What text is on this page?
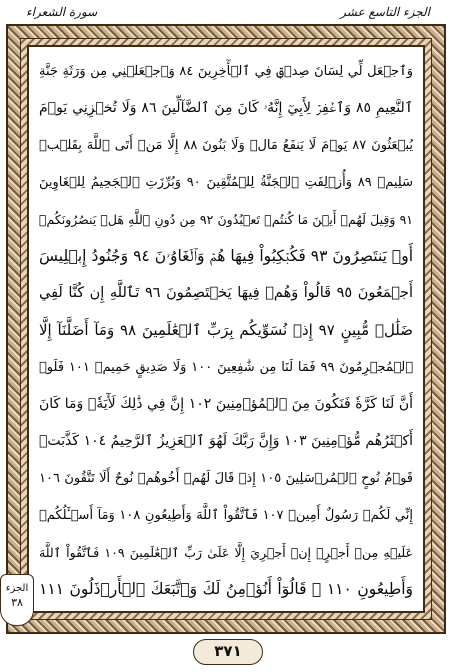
الجزء التاسع عشر
سورة الشعراء
وَٱجۡعَل لِّي لِسَانَ صِدۡقٖ فِي ٱلۡأٓخِرِينَ ٨٤ وَٱجۡعَلۡنِي مِن وَرَثَةِ جَنَّةِ
ٱلنَّعِيمِ ٨٥ وَٱغۡفِرۡ لِأَبِيٓ إِنَّهُۥ كَانَ مِنَ ٱلضَّآلِّينَ ٨٦ وَلَا تُخۡزِنِي يَوۡمَ
يُبۡعَثُونَ ٨٧ يَوۡمَ لَا يَنفَعُ مَالٞ وَلَا بَنُونَ ٨٨ إِلَّا مَنۡ أَتَى ٱللَّهَ بِقَلۡبٖ
سَلِيمٖ ٨٩ وَأُزۡلِفَتِ ٱلۡجَنَّةُ لِلۡمُتَّقِينَ ٩٠ وَبُرِّزَتِ ٱلۡجَحِيمُ لِلۡغَاوِينَ
٩١ وَقِيلَ لَهُمۡ أَيۡنَ مَا كُنتُمۡ تَعۡبُدُونَ ٩٢ مِن دُونِ ٱللَّهِ هَلۡ يَنصُرُونَكُمۡ
أَوۡ يَنتَصِرُونَ ٩٣ فَكُبۡكِبُواْ فِيهَا هُمۡ وَٱلۡغَاوُۥنَ ٩٤ وَجُنُودُ إِبۡلِيسَ
أَجۡمَعُونَ ٩٥ قَالُواْ وَهُمۡ فِيهَا يَخۡتَصِمُونَ ٩٦ تَٱللَّهِ إِن كُنَّا لَفِي
ضَلَٰلٖ مُّبِينٍ ٩٧ إِذۡ نُسَوِّيكُم بِرَبِّ ٱلۡعَٰلَمِينَ ٩٨ وَمَآ أَضَلَّنَآ إِلَّا
ٱلۡمُجۡرِمُونَ ٩٩ فَمَا لَنَا مِن شَٰفِعِينَ ١٠٠ وَلَا صَدِيقٍ حَمِيمٖ ١٠١ فَلَوۡ
أَنَّ لَنَا كَرَّةٗ فَنَكُونَ مِنَ ٱلۡمُؤۡمِنِينَ ١٠٢ إِنَّ فِي ذَٰلِكَ لَأٓيَةٗۖ وَمَا كَانَ
أَكۡثَرُهُم مُّؤۡمِنِينَ ١٠٣ وَإِنَّ رَبَّكَ لَهُوَ ٱلۡعَزِيزُ ٱلرَّحِيمُ ١٠٤ كَذَّبَتۡ
قَوۡمُ نُوحٍ ٱلۡمُرۡسَلِينَ ١٠٥ إِذۡ قَالَ لَهُمۡ أَخُوهُمۡ نُوحٌ أَلَا تَتَّقُونَ ١٠٦
إِنِّي لَكُمۡ رَسُولٌ أَمِينٞ ١٠٧ فَٱتَّقُواْ ٱللَّهَ وَأَطِيعُونِ ١٠٨ وَمَآ أَسۡـَٔلُكُمۡ
عَلَيۡهِ مِنۡ أَجۡرٍۖ إِنۡ أَجۡرِيَ إِلَّا عَلَىٰ رَبِّ ٱلۡعَٰلَمِينَ ١٠٩ فَٱتَّقُواْ ٱللَّهَ
وَأَطِيعُونِ ١١٠ ۞ قَالُوٓاْ أَنُؤۡمِنُ لَكَ وَٱتَّبَعَكَ ٱلۡأَرۡذَلُونَ ١١١
الجزء
٣٨
٣٧١
